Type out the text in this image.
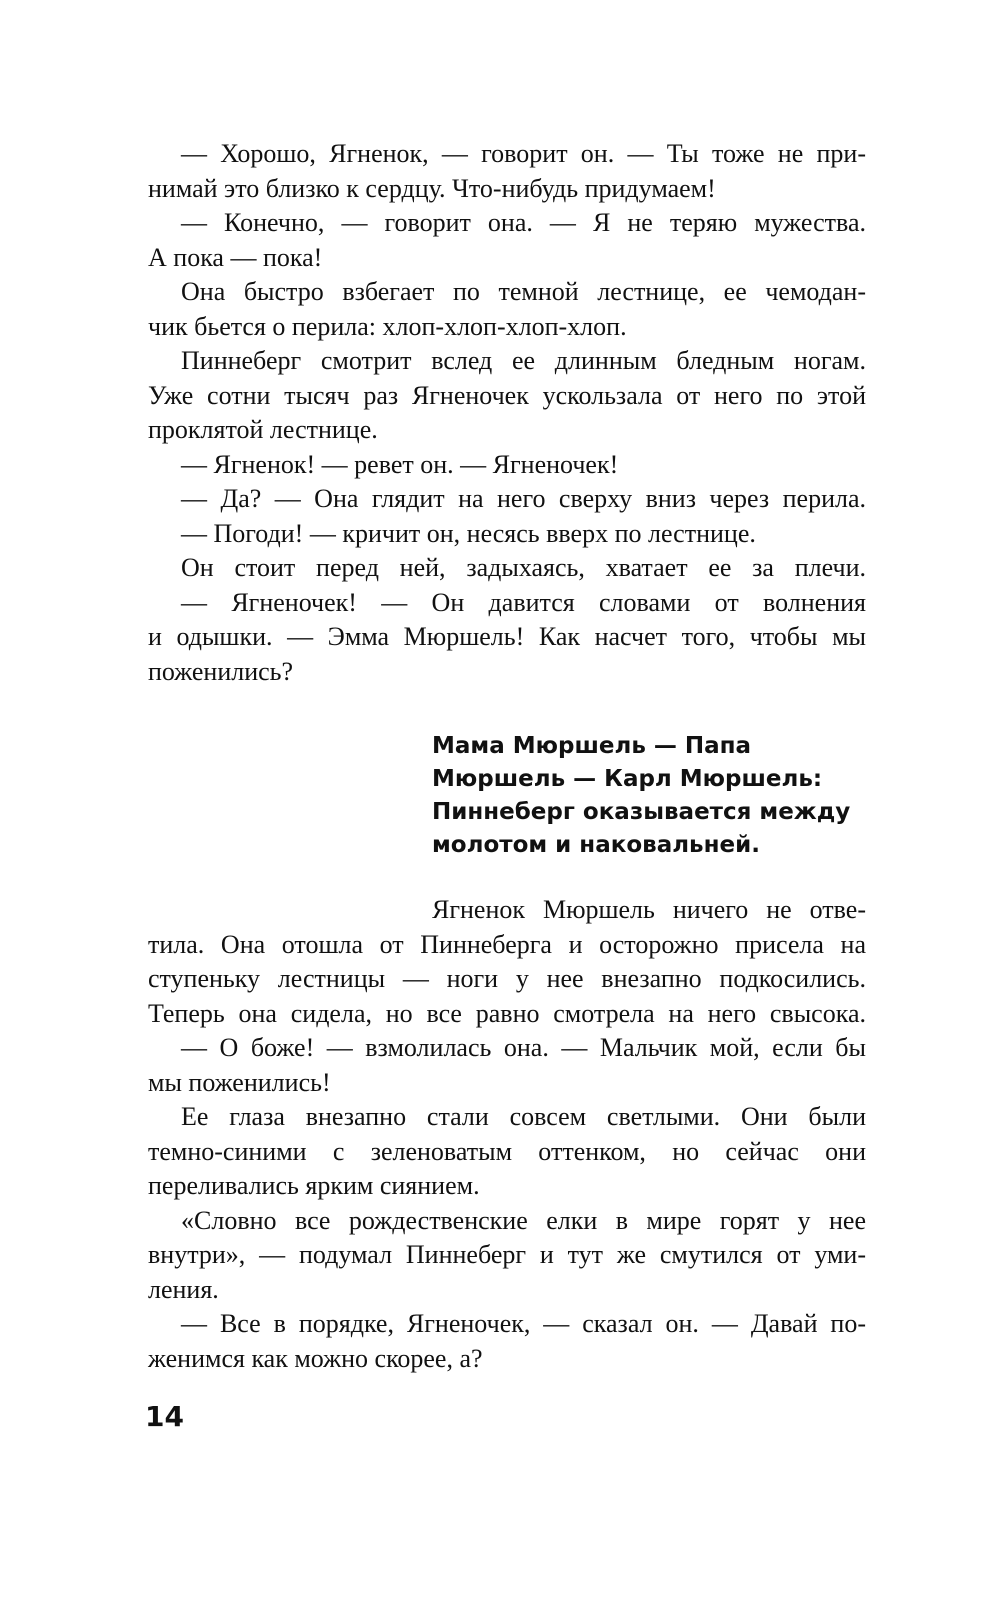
— Хорошо, Ягненок, — говорит он. — Ты тоже не при-
нимай это близко к сердцу. Что-нибудь придумаем!
— Конечно, — говорит она. — Я не теряю мужества.
А пока — пока!
Она быстро взбегает по темной лестнице, ее чемодан-
чик бьется о перила: хлоп-хлоп-хлоп-хлоп.
Пиннеберг смотрит вслед ее длинным бледным ногам.
Уже сотни тысяч раз Ягненочек ускользала от него по этой
проклятой лестнице.
— Ягненок! — ревет он. — Ягненочек!
— Да? — Она глядит на него сверху вниз через перила.
— Погоди! — кричит он, несясь вверх по лестнице.
Он стоит перед ней, задыхаясь, хватает ее за плечи.
— Ягненочек! — Он давится словами от волнения
и одышки. — Эмма Мюршель! Как насчет того, чтобы мы
поженились?
Мама Мюршель — Папа
Мюршель — Карл Мюршель:
Пиннеберг оказывается между
молотом и наковальней.
Ягненок Мюршель ничего не отве-
тила. Она отошла от Пиннеберга и осторожно присела на
ступеньку лестницы — ноги у нее внезапно подкосились.
Теперь она сидела, но все равно смотрела на него свысока.
— О боже! — взмолилась она. — Мальчик мой, если бы
мы поженились!
Ее глаза внезапно стали совсем светлыми. Они были
темно-синими с зеленоватым оттенком, но сейчас они
переливались ярким сиянием.
«Словно все рождественские елки в мире горят у нее
внутри», — подумал Пиннеберг и тут же смутился от уми-
ления.
— Все в порядке, Ягненочек, — сказал он. — Давай по-
женимся как можно скорее, а?
14
